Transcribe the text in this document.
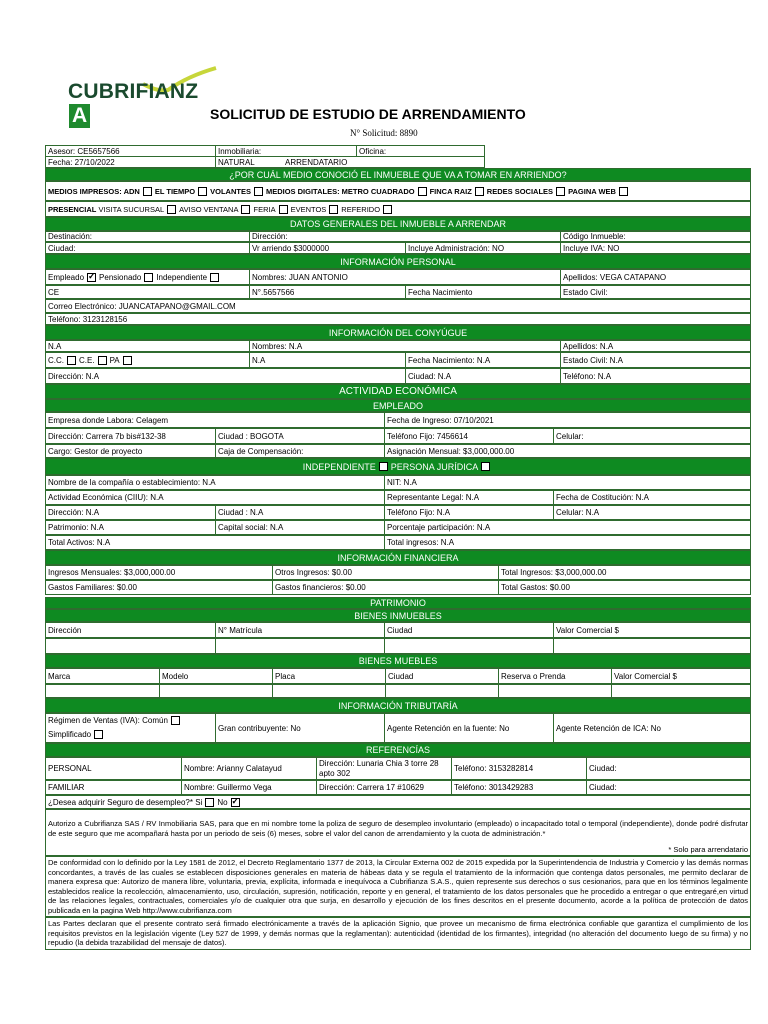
CUBRIFIANZA	SOLICITUD DE ESTUDIO DE ARRENDAMIENTO
N° Solicitud: 8890
Asesor: CE5657566	Inmobiliaria:	Oficina:
Fecha: 27/10/2022	NATURAL	ARRENDATARIO
¿POR CUÁL MEDIO CONOCIÓ EL INMUEBLE QUE VA A TOMAR EN ARRIENDO?
MEDIOS IMPRESOS: ADN EL TIEMPO VOLANTES MEDIOS DIGITALES: METRO CUADRADO FINCA RAIZ REDES SOCIALES PAGINA WEB
PRESENCIAL
VISITA SUCURSAL AVISO VENTANA FERIA EVENTOS REFERIDO
DATOS GENERALES DEL INMUEBLE A ARRENDAR
Destinación:	Dirección:	Código Inmueble:
Ciudad:	Vr arriendo $3000000	Incluye Administración: NO	Incluye IVA: NO
INFORMACIÓN PERSONAL
Empleado
✓ Pensionado Independiente	Nombres: JUAN ANTONIO	Apellidos: VEGA CATAPANO
CE	N°.5657566	Fecha Nacimiento	Estado Civil:
Correo Electrónico: JUANCATAPANO@GMAIL.COM
Teléfono: 3123128156
INFORMACIÓN DEL CONYÚGUE
N.A	Nombres: N.A	Apellidos: N.A
C.C. C.E. PA	N.A	Fecha Nacimiento: N.A	Estado Civil: N.A
Dirección: N.A	Ciudad: N.A	Teléfono: N.A
ACTIVIDAD ECONÓMICA
EMPLEADO
Empresa donde Labora: Celagem	Fecha de Ingreso: 07/10/2021
Dirección: Carrera 7b bis#132-38	Ciudad : BOGOTA	Teléfono Fijo: 7456614	Celular:
Cargo: Gestor de proyecto	Caja de Compensación:	Asignación Mensual: $3,000,000.00
INDEPENDIENTE PERSONA JURÍDICA
Nombre de la compañía o establecimiento: N.A	NIT: N.A
Actividad Económica (CIIU): N.A	Representante Legal: N.A	Fecha de Costitución: N.A
Dirección: N.A	Ciudad : N.A	Teléfono Fijo: N.A	Celular: N.A
Patrimonio: N.A	Capital social: N.A	Porcentaje participación: N.A
Total Activos: N.A	Total ingresos: N.A
INFORMACIÓN FINANCIERA
Ingresos Mensuales: $3,000,000.00	Otros Ingresos: $0.00	Total Ingresos: $3,000,000.00
Gastos Familiares: $0.00	Gastos financieros: $0.00	Total Gastos: $0.00
PATRIMONIO
BIENES INMUEBLES
Dirección	N° Matrícula	Ciudad	Valor Comercial $
BIENES MUEBLES
Marca	Modelo	Placa	Ciudad	Reserva o Prenda	Valor Comercial $
INFORMACIÓN TRIBUTARÍA
Régimen de Ventas (IVA): Común
Simplificado
Gran contribuyente: No	Agente Retención en la fuente: No	Agente Retención de ICA: No
REFERENCÍAS
PERSONAL	Nombre: Arianny Calatayud
Dirección: Lunaria Chia 3 torre 28 apto 302	Teléfono: 3153282814	Ciudad:
FAMILIAR	Nombre: Guillermo Vega	Dirección: Carrera 17 #10629	Teléfono: 3013429283	Ciudad:
¿Desea adquirir Seguro de desempleo?* Si No
✓
Autorizo a Cubrifianza SAS / RV Inmobiliaria SAS, para que en mi nombre tome la poliza de seguro de desempleo involuntario (empleado) o incapacitado total o temporal (independiente), donde podré disfrutar de este seguro que me acompañará hasta por un periodo de seis (6) meses, sobre el valor del canon de arrendamiento y la cuota de administración.*
* Solo para arrendatario
De conformidad con lo definido por la Ley 1581 de 2012, el Decreto Reglamentario 1377 de 2013, la Circular Externa 002 de 2015 expedida por la Superintendencia de Industria y Comercio y las demás normas concordantes, a través de las cuales se establecen disposiciones generales en materia de hábeas data y se regula el tratamiento de la información que contenga datos personales, me permito declarar de manera expresa que: Autorizo de manera libre, voluntaria, previa, explícita, informada e inequívoca a Cubrifianza S.A.S., quien represente sus derechos o sus cesionarios, para que en los términos legalmente establecidos realice la recolección, almacenamiento, uso, circulación, supresión, notificación, reporte y en general, el tratamiento de los datos personales que he procedido a entregar o que entregaré,en virtud de las relaciones legales, contractuales, comerciales y/o de cualquier otra que surja, en desarrollo y ejecución de los fines descritos en el presente documento, acorde a la política de protección de datos publicada en la pagina Web http://www.cubrifianza.com
Las Partes declaran que el presente contrato será firmado electrónicamente a través de la aplicación Signio, que provee un mecanismo de firma electrónica confiable que garantiza el cumplimiento de los requisitos previstos en la legislación vigente (Ley 527 de 1999, y demás normas que la reglamentan): autenticidad (identidad de los firmantes), integridad (no alteración del documento luego de su firma) y no repudio (la debida trazabilidad del mensaje de datos).
